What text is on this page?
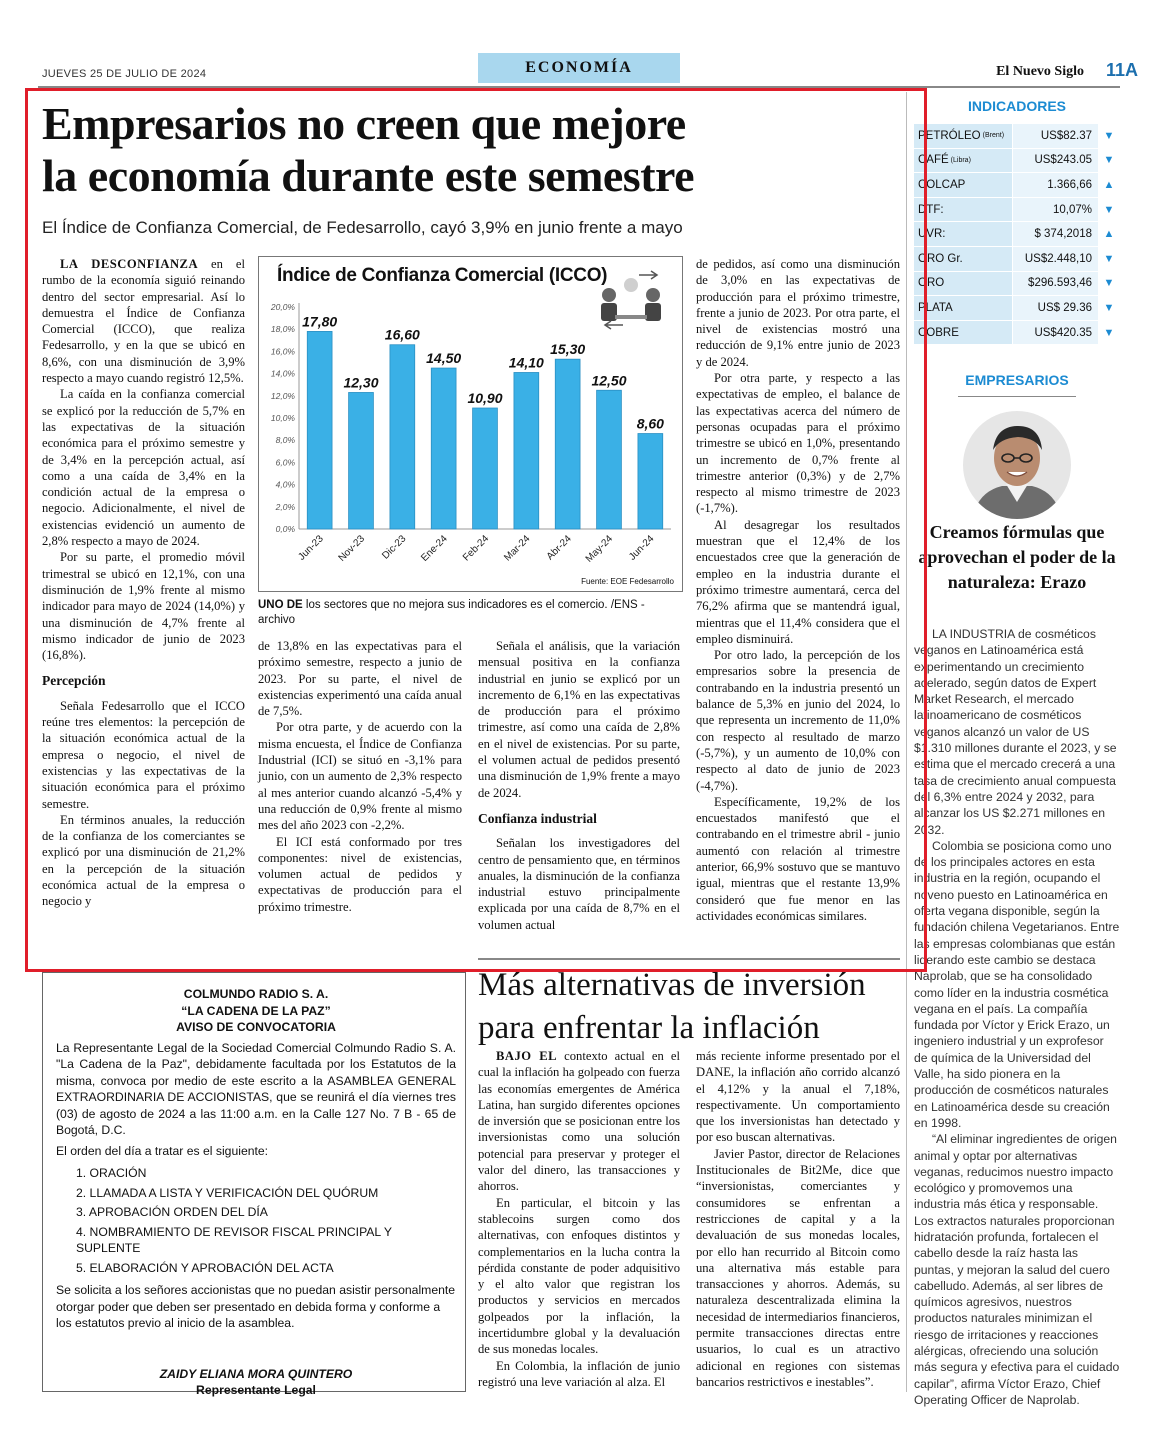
JUEVES 25 DE JULIO DE 2024	ECONOMÍA	El Nuevo Siglo 11A
Empresarios no creen que mejore
la economía durante este semestre
El Índice de Confianza Comercial, de Fedesarrollo, cayó 3,9% en junio frente a mayo

LA DESCONFIANZA en el rumbo de la economía siguió reinando dentro del sector empresarial. Así lo demuestra el Índice de Confianza Comercial (ICCO), que realiza Fedesarrollo, y en la que se ubicó en 8,6%, con una disminución de 3,9% respecto a mayo cuando registró 12,5%.

La caída en la confianza comercial se explicó por la reducción de 5,7% en las expectativas de la situación económica para el próximo semestre y de 3,4% en la percepción actual, así como a una caída de 3,4% en la condición actual de la empresa o negocio. Adicionalmente, el nivel de existencias evidenció un aumento de 2,8% respecto a mayo de 2024.

Por su parte, el promedio móvil trimestral se ubicó en 12,1%, con una disminución de 1,9% frente al mismo indicador para mayo de 2024 (14,0%) y una disminución de 4,7% frente al mismo indicador de junio de 2023 (16,8%).

Percepción

Señala Fedesarrollo que el ICCO reúne tres elementos: la percepción de la situación económica actual de la empresa o negocio, el nivel de existencias y las expectativas de la situación económica para el próximo semestre.

En términos anuales, la reducción de la confianza de los comerciantes se explicó por una disminución de 21,2% en la percepción de la situación económica actual de la empresa o negocio y

0,0%
2,0%
4,0%
6,0%
8,0%
10,0%
12,0%
14,0%
16,0%
18,0%
20,0%
17,80
Jun-23
12,30
Nov-23
16,60
Dic-23
14,50
Ene-24
10,90
Feb-24
14,10
Mar-24
15,30
Abr-24
12,50
May-24
8,60
Jun-24
Índice de Confianza Comercial (ICCO)
Fuente: EOE Fedesarrollo
UNO DE los sectores que no mejora sus indicadores es el comercio. /ENS - archivo

de 13,8% en las expectativas para el próximo semestre, respecto a junio de 2023. Por su parte, el nivel de existencias experimentó una caída anual de 7,5%.

Por otra parte, y de acuerdo con la misma encuesta, el Índice de Confianza Industrial (ICI) se situó en -3,1% para junio, con un aumento de 2,3% respecto al mes anterior cuando alcanzó -5,4% y una reducción de 0,9% frente al mismo mes del año 2023 con -2,2%.

El ICI está conformado por tres componentes: nivel de existencias, volumen actual de pedidos y expectativas de producción para el próximo trimestre.

Señala el análisis, que la variación mensual positiva en la confianza industrial en junio se explicó por un incremento de 6,1% en las expectativas de producción para el próximo trimestre, así como una caída de 2,8% en el nivel de existencias. Por su parte, el volumen actual de pedidos presentó una disminución de 1,9% frente a mayo de 2024.

Confianza industrial

Señalan los investigadores del centro de pensamiento que, en términos anuales, la disminución de la confianza industrial estuvo principalmente explicada por una caída de 8,7% en el volumen actual

de pedidos, así como una disminución de 3,0% en las expectativas de producción para el próximo trimestre, frente a junio de 2023. Por otra parte, el nivel de existencias mostró una reducción de 9,1% entre junio de 2023 y de 2024.

Por otra parte, y respecto a las expectativas de empleo, el balance de las expectativas acerca del número de personas ocupadas para el próximo trimestre se ubicó en 1,0%, presentando un incremento de 0,7% frente al trimestre anterior (0,3%) y de 2,7% respecto al mismo trimestre de 2023 (-1,7%).

Al desagregar los resultados muestran que el 12,4% de los encuestados cree que la generación de empleo en la industria durante el próximo trimestre aumentará, cerca del 76,2% afirma que se mantendrá igual, mientras que el 11,4% considera que el empleo disminuirá.

Por otro lado, la percepción de los empresarios sobre la presencia de contrabando en la industria presentó un balance de 5,3% en junio del 2024, lo que representa un incremento de 11,0% con respecto al resultado de marzo (-5,7%), y un aumento de 10,0% con respecto al dato de junio de 2023 (-4,7%).

Específicamente, 19,2% de los encuestados manifestó que el contrabando en el trimestre abril - junio aumentó con relación al trimestre anterior, 66,9% sostuvo que se mantuvo igual, mientras que el restante 13,9% consideró que fue menor en las actividades económicas similares.

INDICADORES
PETRÓLEO (Brent)	US$82.37	▼
CAFÉ (Libra)	US$243.05	▼
COLCAP	1.366,66	▲
DTF:	10,07%	▼
UVR:	$ 374,2018	▲
ORO Gr.	US$2.448,10	▼
ORO	$296.593,46	▼
PLATA	US$ 29.36	▼
COBRE	US$420.35	▼
EMPRESARIOS
Creamos fórmulas que aprovechan el poder de la naturaleza: Erazo

LA INDUSTRIA de cosméticos veganos en Latinoamérica está experimentando un crecimiento acelerado, según datos de Expert Market Research, el mercado latinoamericano de cosméticos veganos alcanzó un valor de US $1.310 millones durante el 2023, y se estima que el mercado crecerá a una tasa de crecimiento anual compuesta del 6,3% entre 2024 y 2032, para alcanzar los US $2.271 millones en 2032.

Colombia se posiciona como uno de los principales actores en esta industria en la región, ocupando el noveno puesto en Latinoamérica en oferta vegana disponible, según la fundación chilena Vegetarianos. Entre las empresas colombianas que están liderando este cambio se destaca Naprolab, que se ha consolidado como líder en la industria cosmética vegana en el país. La compañía fundada por Víctor y Erick Erazo, un ingeniero industrial y un exprofesor de química de la Universidad del Valle, ha sido pionera en la producción de cosméticos naturales en Latinoamérica desde su creación en 1998.

“Al eliminar ingredientes de origen animal y optar por alternativas veganas, reducimos nuestro impacto ecológico y promovemos una industria más ética y responsable. Los extractos naturales proporcionan hidratación profunda, fortalecen el cabello desde la raíz hasta las puntas, y mejoran la salud del cuero cabelludo. Además, al ser libres de químicos agresivos, nuestros productos naturales minimizan el riesgo de irritaciones y reacciones alérgicas, ofreciendo una solución más segura y efectiva para el cuidado capilar”, afirma Víctor Erazo, Chief Operating Officer de Naprolab.

Más alternativas de inversión para enfrentar la inflación

BAJO EL contexto actual en el cual la inflación ha golpeado con fuerza las economías emergentes de América Latina, han surgido diferentes opciones de inversión que se posicionan entre los inversionistas como una solución potencial para preservar y proteger el valor del dinero, las transacciones y ahorros.

En particular, el bitcoin y las stablecoins surgen como dos alternativas, con enfoques distintos y complementarios en la lucha contra la pérdida constante de poder adquisitivo y el alto valor que registran los productos y servicios en mercados golpeados por la inflación, la incertidumbre global y la devaluación de sus monedas locales.

En Colombia, la inflación de junio registró una leve variación al alza. El

más reciente informe presentado por el DANE, la inflación año corrido alcanzó el 4,12% y la anual el 7,18%, respectivamente. Un comportamiento que los inversionistas han detectado y por eso buscan alternativas.

Javier Pastor, director de Relaciones Institucionales de Bit2Me, dice que “inversionistas, comerciantes y consumidores se enfrentan a restricciones de capital y a la devaluación de sus monedas locales, por ello han recurrido al Bitcoin como una alternativa más estable para transacciones y ahorros. Además, su naturaleza descentralizada elimina la necesidad de intermediarios financieros, permite transacciones directas entre usuarios, lo cual es un atractivo adicional en regiones con sistemas bancarios restrictivos e inestables”.

COLMUNDO RADIO S. A.
“LA CADENA DE LA PAZ”
AVISO DE CONVOCATORIA
La Representante Legal de la Sociedad Comercial Colmundo Radio S. A. "La Cadena de la Paz", debidamente facultada por los Estatutos de la misma, convoca por medio de este escrito a la ASAMBLEA GENERAL EXTRAORDINARIA DE ACCIONISTAS, que se reunirá el día viernes tres (03) de agosto de 2024 a las 11:00 a.m. en la Calle 127 No. 7 B - 65 de Bogotá, D.C.
El orden del día a tratar es el siguiente:
1. ORACIÓN
2. LLAMADA A LISTA Y VERIFICACIÓN DEL QUÓRUM
3. APROBACIÓN ORDEN DEL DÍA
4. NOMBRAMIENTO DE REVISOR FISCAL PRINCIPAL Y SUPLENTE
5. ELABORACIÓN Y APROBACIÓN DEL ACTA
Se solicita a los señores accionistas que no puedan asistir personalmente otorgar poder que deben ser presentado en debida forma y conforme a los estatutos previo al inicio de la asamblea.
ZAIDY ELIANA MORA QUINTERO
Representante Legal
